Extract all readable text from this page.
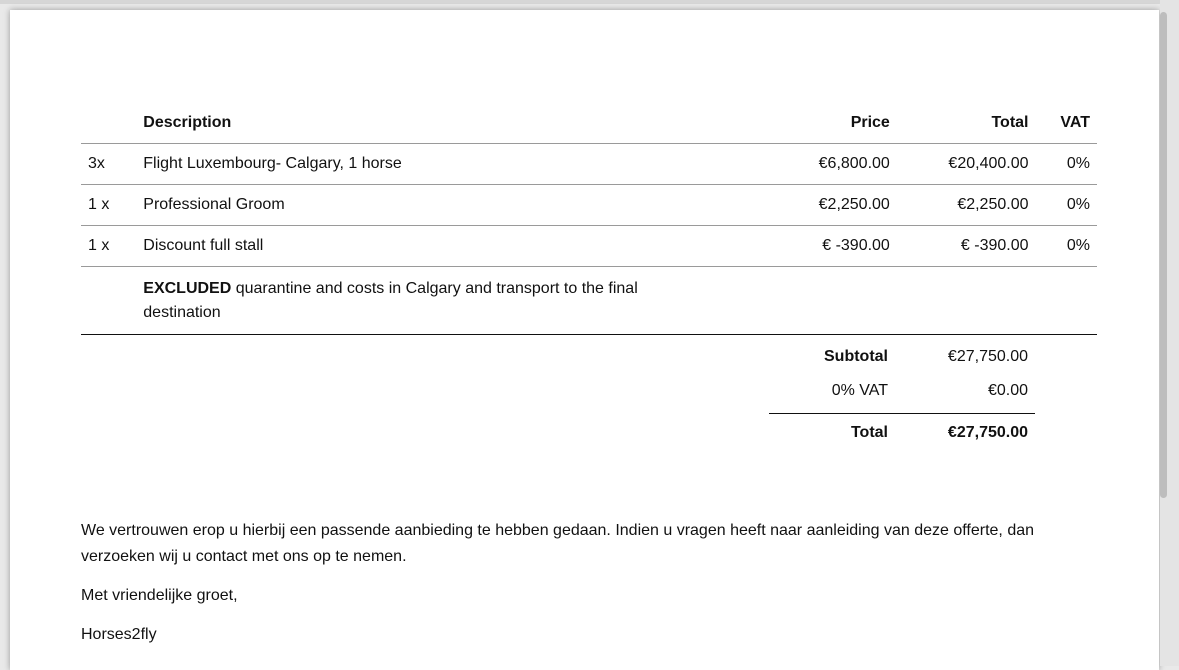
	Description	Price	Total	VAT
3x	Flight Luxembourg- Calgary, 1 horse	€6,800.00	€20,400.00	0%
1 x	Professional Groom	€2,250.00	€2,250.00	0%
1 x	Discount full stall	€ -390.00	€ -390.00	0%
	EXCLUDED quarantine and costs in Calgary and transport to the final destination			
Subtotal	€27,750.00
0% VAT	€0.00
Total	€27,750.00

We vertrouwen erop u hierbij een passende aanbieding te hebben gedaan. Indien u vragen heeft naar aanleiding van deze offerte, dan verzoeken wij u contact met ons op te nemen.

Met vriendelijke groet,

Horses2fly
